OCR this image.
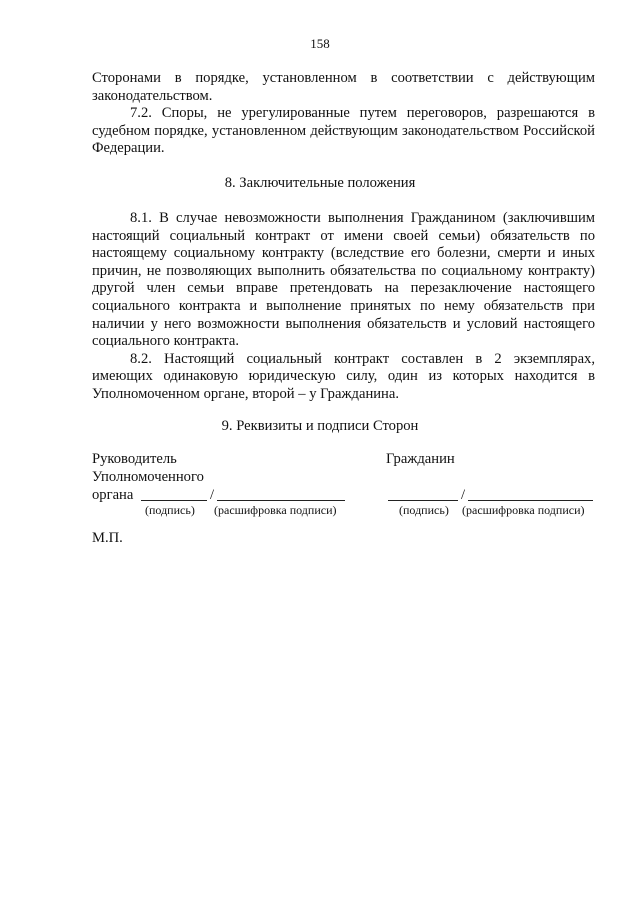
158

Сторонами в порядке, установленном в соответствии с действующим законодательством.

7.2. Споры, не урегулированные путем переговоров, разрешаются в судебном порядке, установленном действующим законодательством Российской Федерации.

8. Заключительные положения

8.1. В случае невозможности выполнения Гражданином (заключившим настоящий социальный контракт от имени своей семьи) обязательств по настоящему социальному контракту (вследствие его болезни, смерти и иных причин, не позволяющих выполнить обязательства по социальному контракту) другой член семьи вправе претендовать на перезаключение настоящего социального контракта и выполнение принятых по нему обязательств при наличии у него возможности выполнения обязательств и условий настоящего социального контракта.

8.2. Настоящий социальный контракт составлен в 2 экземплярах, имеющих одинаковую юридическую силу, один из которых находится в Уполномоченном органе, второй – у Гражданина.

9. Реквизиты и подписи Сторон
Руководитель
Уполномоченного
органа	/
(подпись) (расшифровка подписи)
Гражданин
/
(подпись) (расшифровка подписи)
М.П.
